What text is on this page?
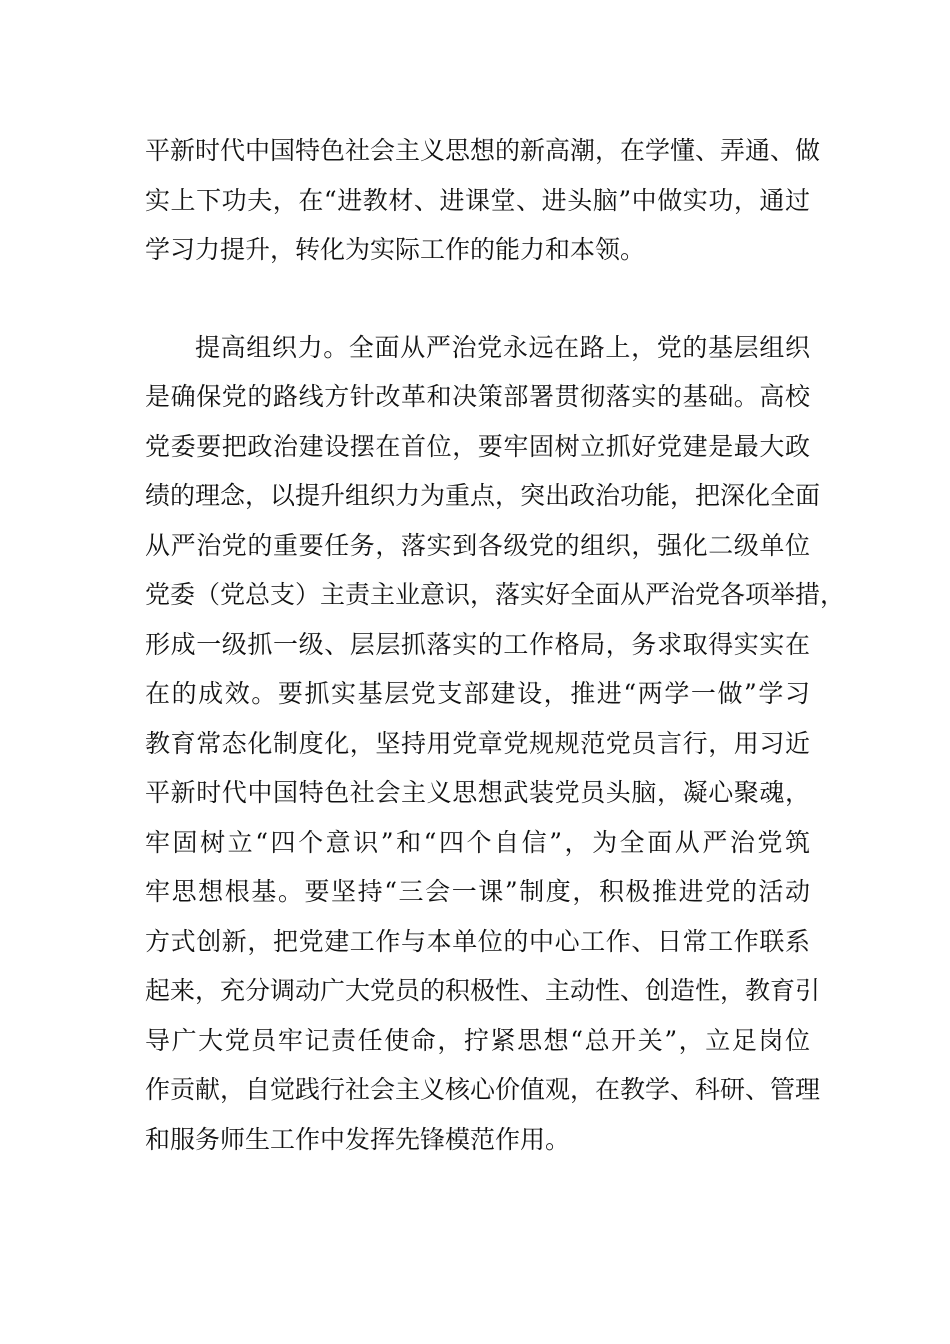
平新时代中国特色社会主义思想的新高潮，在学懂、弄通、做
实上下功夫，在“进教材、进课堂、进头脑”中做实功，通过
学习力提升，转化为实际工作的能力和本领。
提高组织力。全面从严治党永远在路上，党的基层组织
是确保党的路线方针改革和决策部署贯彻落实的基础。高校
党委要把政治建设摆在首位，要牢固树立抓好党建是最大政
绩的理念，以提升组织力为重点，突出政治功能，把深化全面
从严治党的重要任务，落实到各级党的组织，强化二级单位
党委（党总支）主责主业意识，落实好全面从严治党各项举措，
形成一级抓一级、层层抓落实的工作格局，务求取得实实在
在的成效。要抓实基层党支部建设，推进“两学一做”学习
教育常态化制度化，坚持用党章党规规范党员言行，用习近
平新时代中国特色社会主义思想武装党员头脑，凝心聚魂，
牢固树立“四个意识”和“四个自信”，为全面从严治党筑
牢思想根基。要坚持“三会一课”制度，积极推进党的活动
方式创新，把党建工作与本单位的中心工作、日常工作联系
起来，充分调动广大党员的积极性、主动性、创造性，教育引
导广大党员牢记责任使命，拧紧思想“总开关”，立足岗位
作贡献，自觉践行社会主义核心价值观，在教学、科研、管理
和服务师生工作中发挥先锋模范作用。
